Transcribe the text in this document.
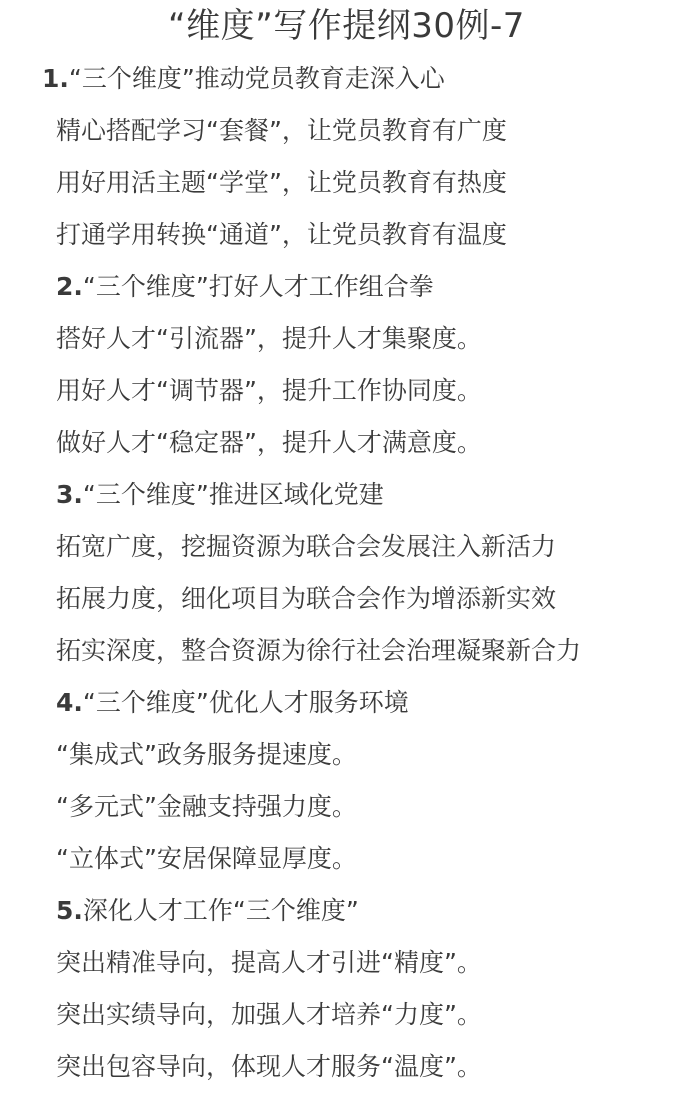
“维度”写作提纲30例-7
1.“三个维度”推动党员教育走深入心
精心搭配学习“套餐”，让党员教育有广度
用好用活主题“学堂”，让党员教育有热度
打通学用转换“通道”，让党员教育有温度
2.“三个维度”打好人才工作组合拳
搭好人才“引流器”，提升人才集聚度。
用好人才“调节器”，提升工作协同度。
做好人才“稳定器”，提升人才满意度。
3.“三个维度”推进区域化党建
拓宽广度，挖掘资源为联合会发展注入新活力
拓展力度，细化项目为联合会作为增添新实效
拓实深度，整合资源为徐行社会治理凝聚新合力
4.“三个维度”优化人才服务环境
“集成式”政务服务提速度。
“多元式”金融支持强力度。
“立体式”安居保障显厚度。
5.深化人才工作“三个维度”
突出精准导向，提高人才引进“精度”。
突出实绩导向，加强人才培养“力度”。
突出包容导向，体现人才服务“温度”。
